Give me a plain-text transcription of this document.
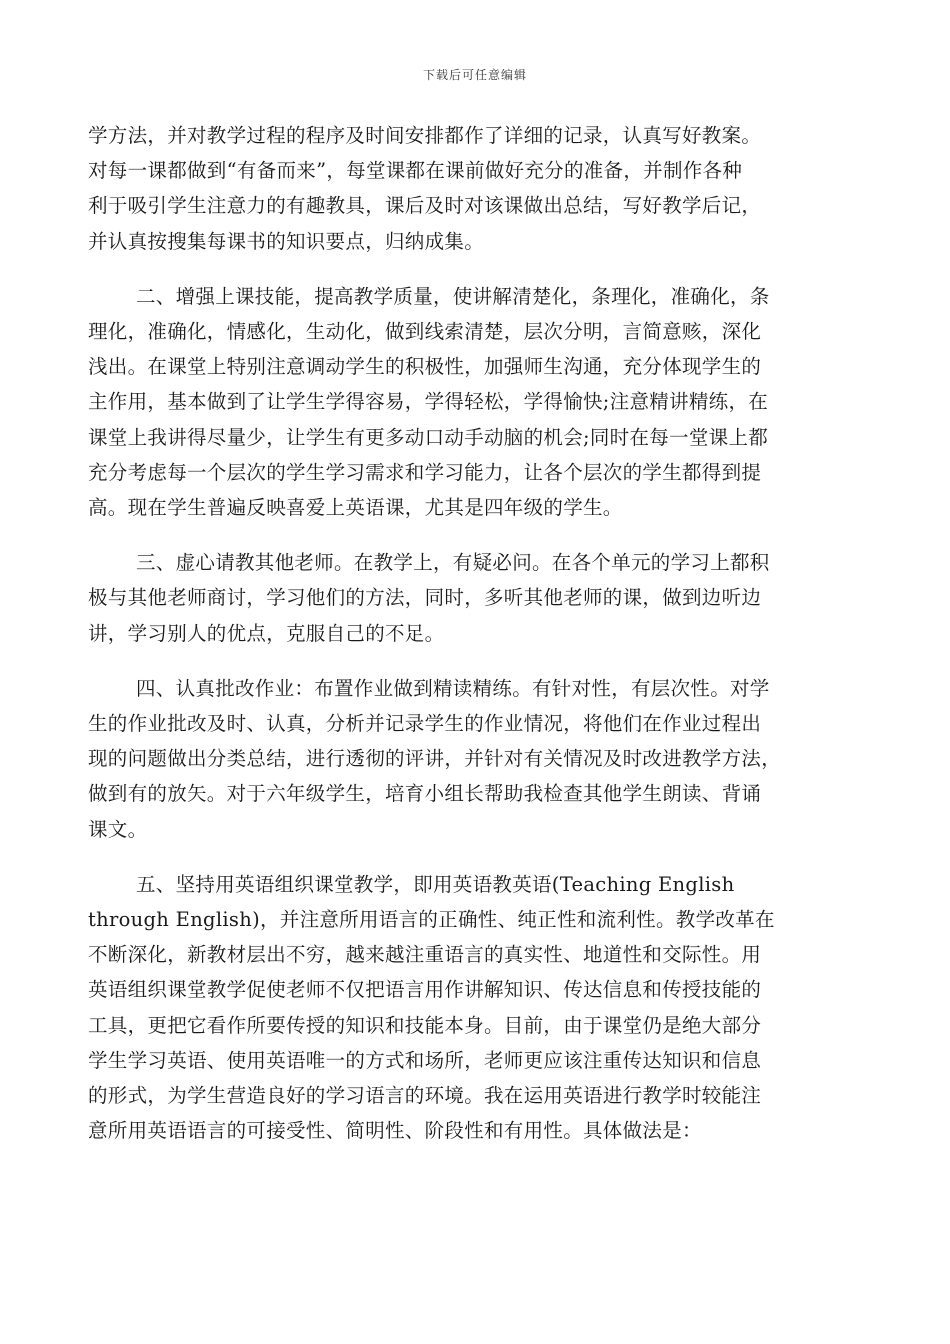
下载后可任意编辑

学方法，并对教学过程的程序及时间安排都作了详细的记录，认真写好教案。
对每一课都做到“有备而来”，每堂课都在课前做好充分的准备，并制作各种
利于吸引学生注意力的有趣教具，课后及时对该课做出总结，写好教学后记，
并认真按搜集每课书的知识要点，归纳成集。

二、增强上课技能，提高教学质量，使讲解清楚化，条理化，准确化，条
理化，准确化，情感化，生动化，做到线索清楚，层次分明，言简意赅，深化
浅出。在课堂上特别注意调动学生的积极性，加强师生沟通，充分体现学生的
主作用，基本做到了让学生学得容易，学得轻松，学得愉快;注意精讲精练，在
课堂上我讲得尽量少，让学生有更多动口动手动脑的机会;同时在每一堂课上都
充分考虑每一个层次的学生学习需求和学习能力，让各个层次的学生都得到提
高。现在学生普遍反映喜爱上英语课，尤其是四年级的学生。

三、虚心请教其他老师。在教学上，有疑必问。在各个单元的学习上都积
极与其他老师商讨，学习他们的方法，同时，多听其他老师的课，做到边听边
讲，学习别人的优点，克服自己的不足。

四、认真批改作业：布置作业做到精读精练。有针对性，有层次性。对学
生的作业批改及时、认真，分析并记录学生的作业情况，将他们在作业过程出
现的问题做出分类总结，进行透彻的评讲，并针对有关情况及时改进教学方法，
做到有的放矢。对于六年级学生，培育小组长帮助我检查其他学生朗读、背诵
课文。

五、坚持用英语组织课堂教学，即用英语教英语(Teaching English
through English)，并注意所用语言的正确性、纯正性和流利性。教学改革在
不断深化，新教材层出不穷，越来越注重语言的真实性、地道性和交际性。用
英语组织课堂教学促使老师不仅把语言用作讲解知识、传达信息和传授技能的
工具，更把它看作所要传授的知识和技能本身。目前，由于课堂仍是绝大部分
学生学习英语、使用英语唯一的方式和场所，老师更应该注重传达知识和信息
的形式，为学生营造良好的学习语言的环境。我在运用英语进行教学时较能注
意所用英语语言的可接受性、简明性、阶段性和有用性。具体做法是：
